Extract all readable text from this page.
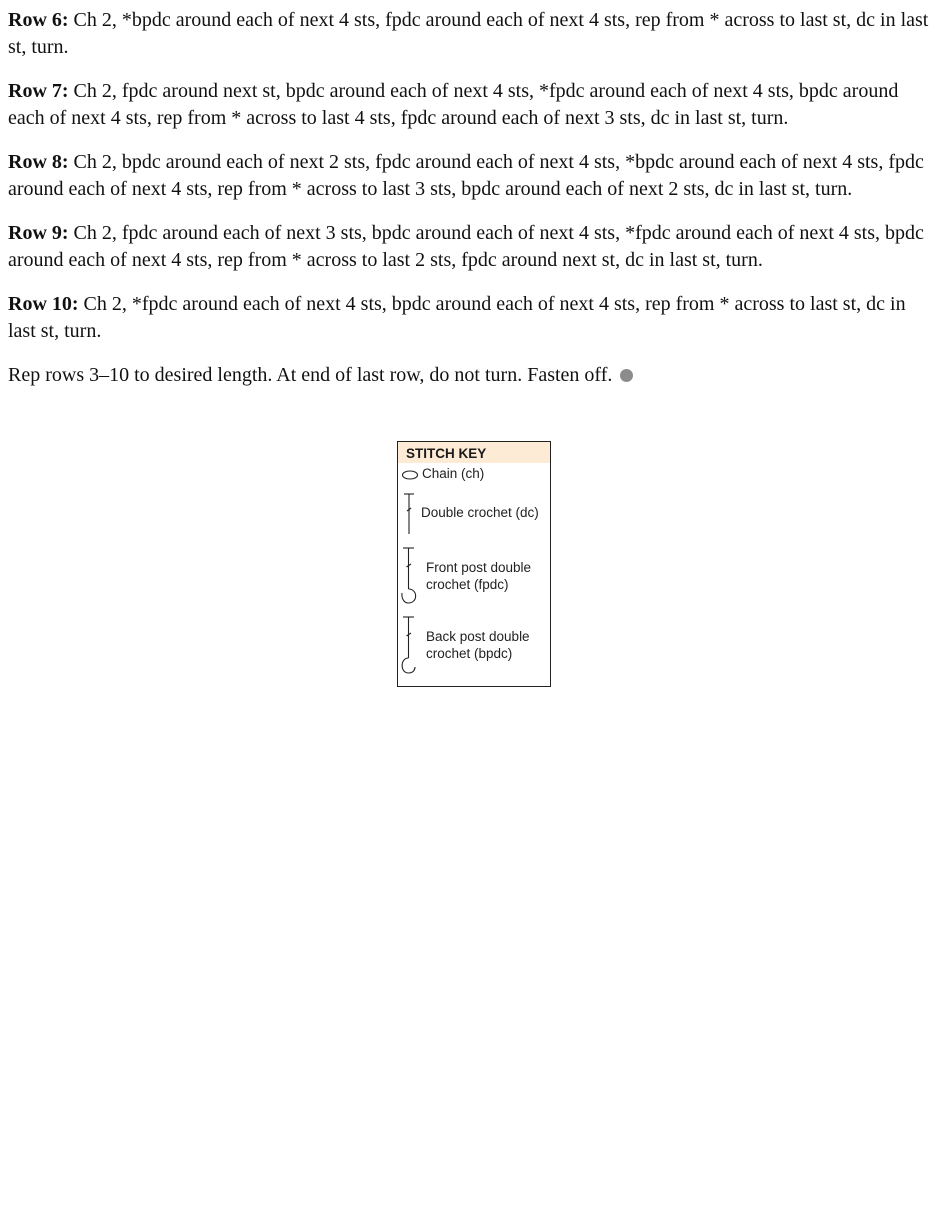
Row 6: Ch 2, *bpdc around each of next 4 sts, fpdc around each of next 4 sts, rep from * across to last st, dc in last st, turn.

Row 7: Ch 2, fpdc around next st, bpdc around each of next 4 sts, *fpdc around each of next 4 sts, bpdc around each of next 4 sts, rep from * across to last 4 sts, fpdc around each of next 3 sts, dc in last st, turn.

Row 8: Ch 2, bpdc around each of next 2 sts, fpdc around each of next 4 sts, *bpdc around each of next 4 sts, fpdc around each of next 4 sts, rep from * across to last 3 sts, bpdc around each of next 2 sts, dc in last st, turn.

Row 9: Ch 2, fpdc around each of next 3 sts, bpdc around each of next 4 sts, *fpdc around each of next 4 sts, bpdc around each of next 4 sts, rep from * across to last 2 sts, fpdc around next st, dc in last st, turn.

Row 10: Ch 2, *fpdc around each of next 4 sts, bpdc around each of next 4 sts, rep from * across to last st, dc in last st, turn.

Rep rows 3–10 to desired length. At end of last row, do not turn. Fasten off.

STITCH KEY
Chain (ch)
Double crochet (dc)
Front post double
crochet (fpdc)
Back post double
crochet (bpdc)
